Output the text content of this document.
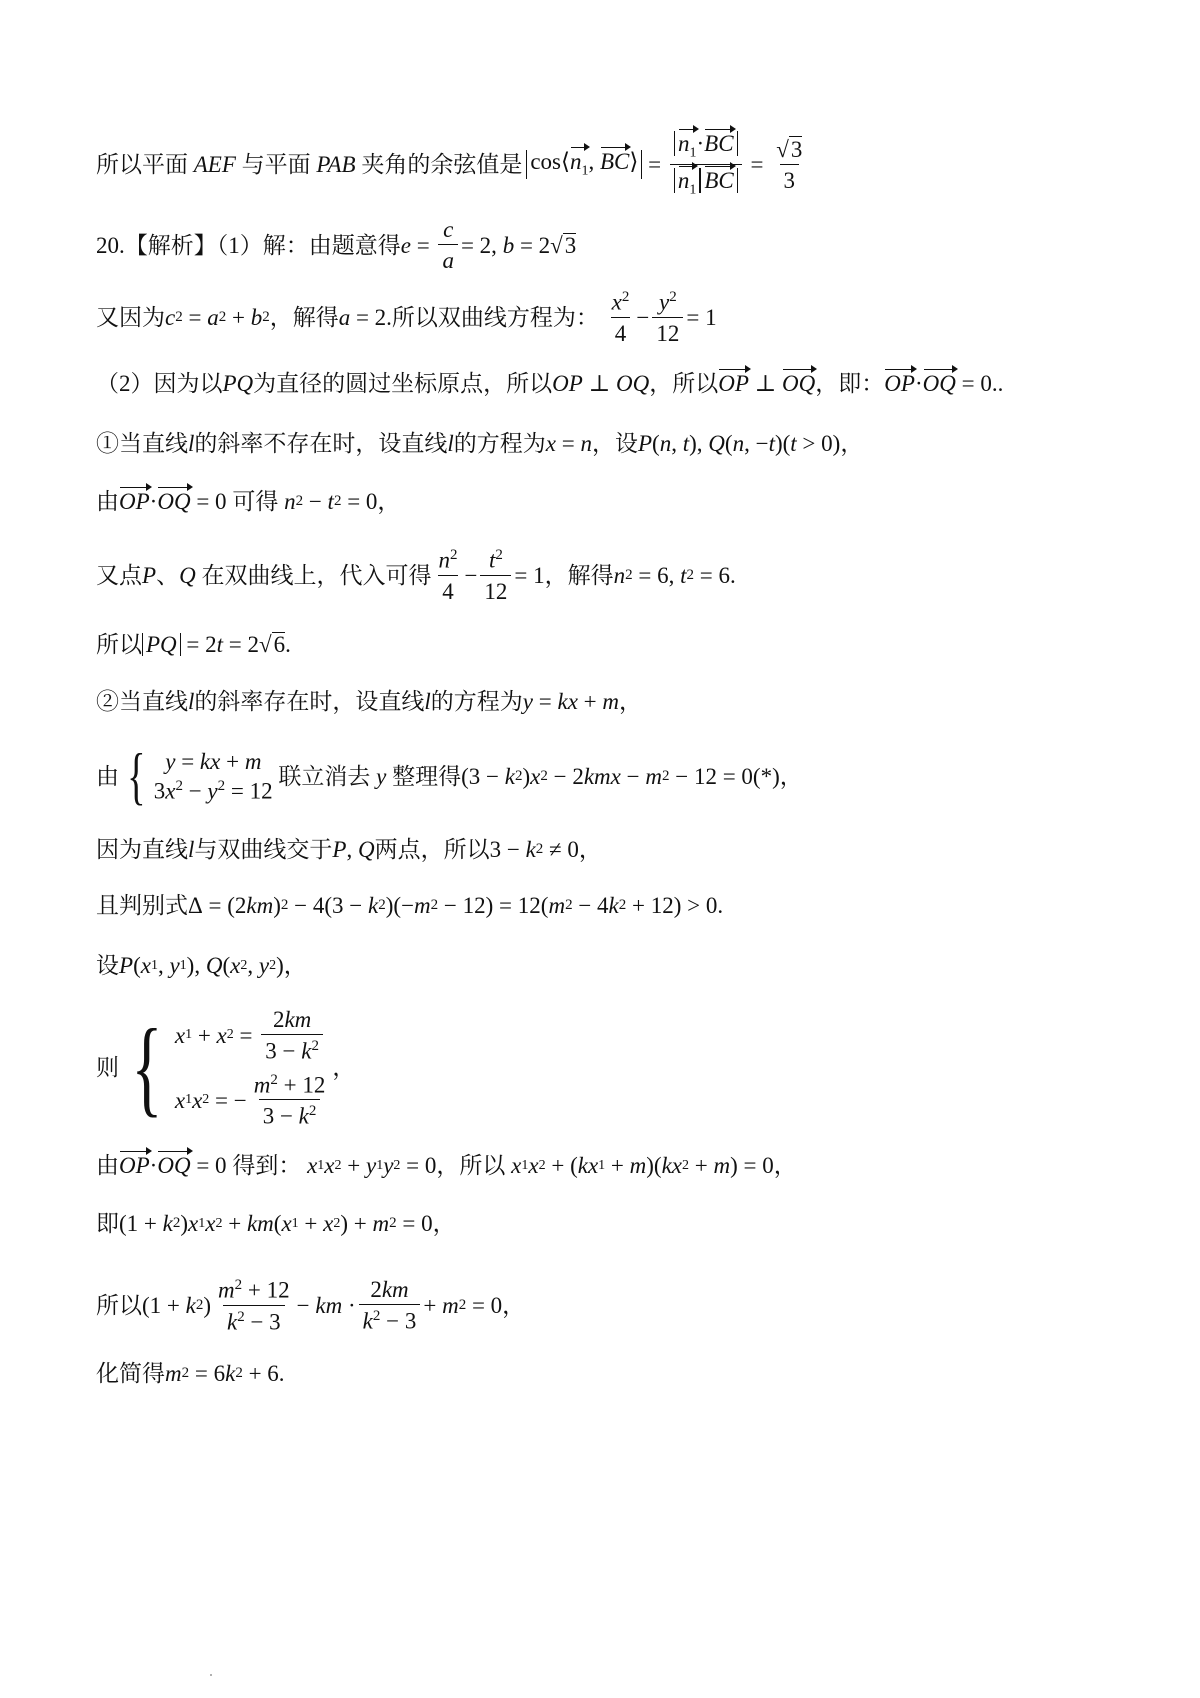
所以平面 AEF 与平面 PAB 夹角的余弦值是 $\cos⟨n_1$, BC⟩ = $\frac{n_1\cdot BC}{n_1 BC} = \frac{√3}{3}$
20.【解析】（1）解：由题意得 $e = \frac{c}{a} = 2$, b = 2√ 3
又因为 c 2 = a 2 + b 2 ，解得 a = 2 .所以双曲线方程为：
$\frac{x^2}{4} - \frac{y^2}{12} = 1$
（2）因为以 PQ 为直径的圆过坐标原点，所以 OP ⊥ OQ ，所以 OP ⊥ OQ ，即： OP · OQ = 0 ..
①当直线 l 的斜率不存在时，设直线 l 的方程为 x = n ，设 P ( n , t ), Q ( n , − t )( t > 0) ，
由 OP · OQ = 0 可得
n 2 − t 2 = 0 ，
又点 P 、 Q
在双曲线上，代入可得 $\frac{n^2}{4} - \frac{t^2}{12} = 1$ ，解得 n 2 = 6, t 2 = 6.
所以 PQ = 2 t = 2√ 6 .
②当直线 l 的斜率存在时，设直线 l 的方程为 y = kx + m ，
由 { y = kx + m
$3x^2 - y^2 = 12$

联立消去
y
整理得 (3 − k 2 ) x 2 − 2 kmx − m 2 − 12 = 0(*)，
因为直线 l 与双曲线交于 P , Q 两点，所以 3 − k 2 ≠ 0，
且判别式 Δ = (2 km ) 2 − 4(3 − k 2 )(− m 2 − 12) = 12( m 2 − 4 k 2 + 12) > 0.
设 P ( x 1 , y 1 ), Q ( x 2 , y 2 )，
则 { x 1 + x $2 = \frac{2km}{3 - k^2}$
x 1 x 2 = − $\frac{m^2 + 12}{3 - k^2}$
，
由 OP · OQ = 0 得到：
x 1 x 2 + y 1 y 2 = 0 ，所以
x 1 x 2 + ( kx 1 + m )( kx 2 + m ) = 0，
即 (1 + k 2 ) x 1 x 2 + km ( x 1 + x 2 ) + m 2 = 0，
所以 (1 + k 2 ) $\frac{m^2 + 12}{k^2 - 3}$ − km · $\frac{2km}{k^2 - 3} + m$ 2 = 0，
化简得 m 2 = 6 k 2 + 6.
